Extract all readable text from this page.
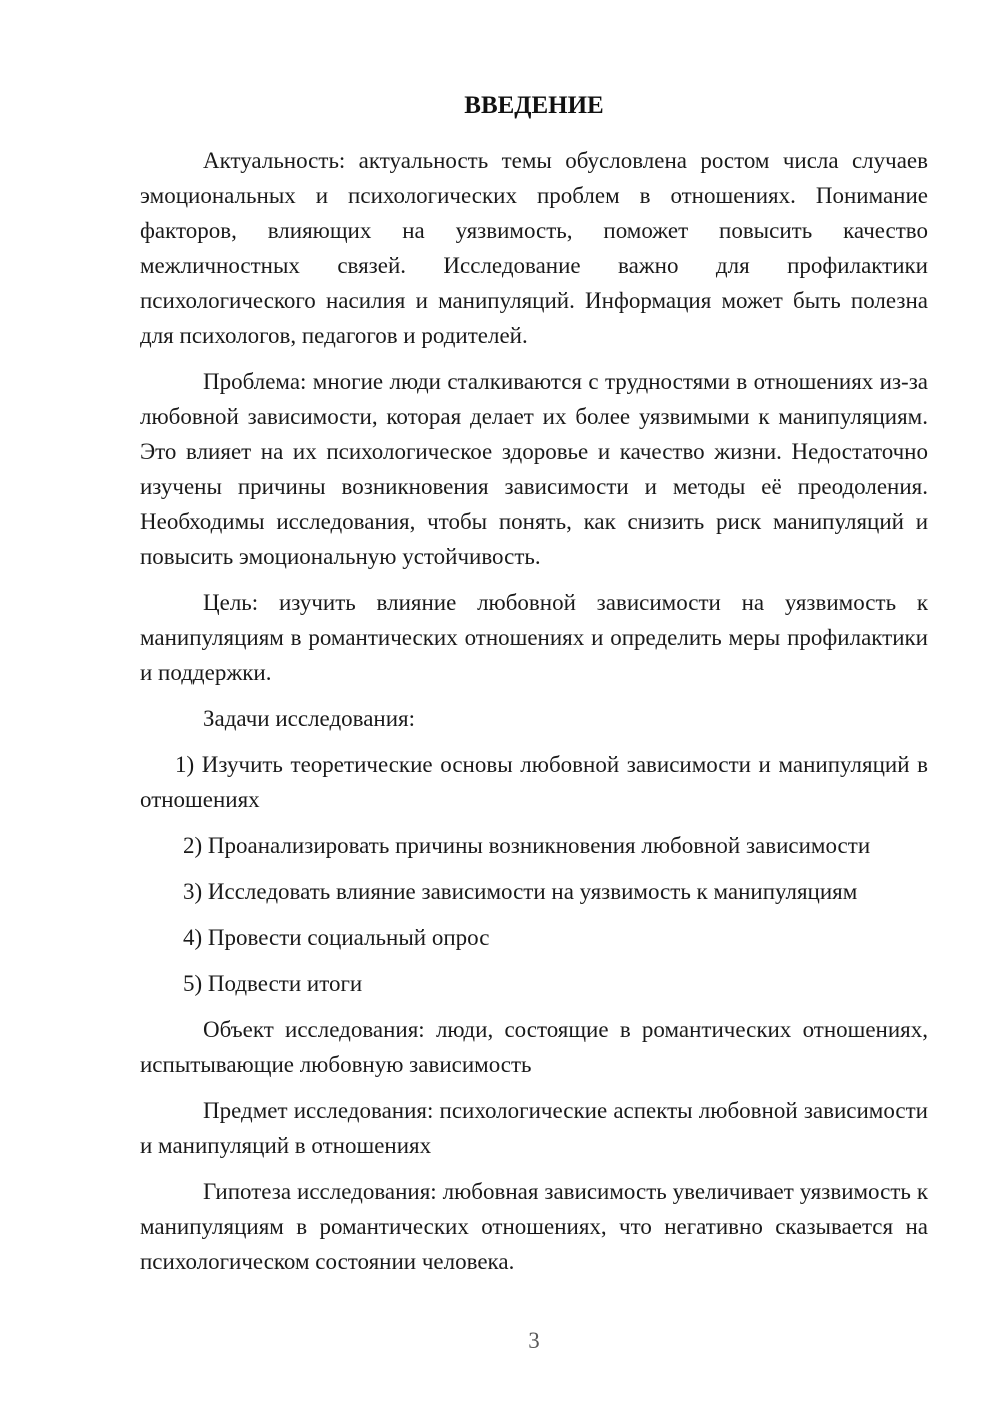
ВВЕДЕНИЕ

Актуальность: актуальность темы обусловлена ростом числа случаев эмоциональных и психологических проблем в отношениях. Понимание факторов, влияющих на уязвимость, поможет повысить качество межличностных связей. Исследование важно для профилактики психологического насилия и манипуляций. Информация может быть полезна для психологов, педагогов и родителей.

Проблема: многие люди сталкиваются с трудностями в отношениях из-за любовной зависимости, которая делает их более уязвимыми к манипуляциям. Это влияет на их психологическое здоровье и качество жизни. Недостаточно изучены причины возникновения зависимости и методы её преодоления. Необходимы исследования, чтобы понять, как снизить риск манипуляций и повысить эмоциональную устойчивость.

Цель: изучить влияние любовной зависимости на уязвимость к манипуляциям в романтических отношениях и определить меры профилактики и поддержки.

Задачи исследования:

1) Изучить теоретические основы любовной зависимости и манипуляций в отношениях

2) Проанализировать причины возникновения любовной зависимости

3) Исследовать влияние зависимости на уязвимость к манипуляциям

4) Провести социальный опрос

5) Подвести итоги

Объект исследования: люди, состоящие в романтических отношениях, испытывающие любовную зависимость

Предмет исследования: психологические аспекты любовной зависимости и манипуляций в отношениях

Гипотеза исследования: любовная зависимость увеличивает уязвимость к манипуляциям в романтических отношениях, что негативно сказывается на психологическом состоянии человека.

3
